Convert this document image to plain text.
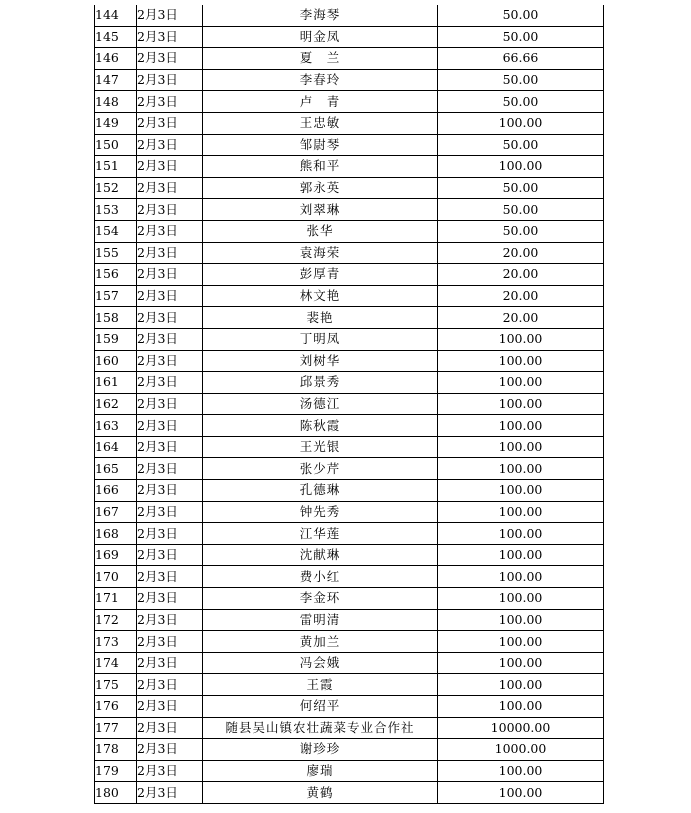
144	2月3日	李海琴	50.00
145	2月3日	明金凤	50.00
146	2月3日	夏　兰	66.66
147	2月3日	李春玲	50.00
148	2月3日	卢　青	50.00
149	2月3日	王忠敏	100.00
150	2月3日	邹尉琴	50.00
151	2月3日	熊和平	100.00
152	2月3日	郭永英	50.00
153	2月3日	刘翠琳	50.00
154	2月3日	张华	50.00
155	2月3日	袁海荣	20.00
156	2月3日	彭厚青	20.00
157	2月3日	林文艳	20.00
158	2月3日	裴艳	20.00
159	2月3日	丁明凤	100.00
160	2月3日	刘树华	100.00
161	2月3日	邱景秀	100.00
162	2月3日	汤德江	100.00
163	2月3日	陈秋霞	100.00
164	2月3日	王光银	100.00
165	2月3日	张少芹	100.00
166	2月3日	孔德琳	100.00
167	2月3日	钟先秀	100.00
168	2月3日	江华莲	100.00
169	2月3日	沈献琳	100.00
170	2月3日	费小红	100.00
171	2月3日	李金环	100.00
172	2月3日	雷明清	100.00
173	2月3日	黄加兰	100.00
174	2月3日	冯会娥	100.00
175	2月3日	王霞	100.00
176	2月3日	何绍平	100.00
177	2月3日	随县吴山镇农壮蔬菜专业合作社	10000.00
178	2月3日	谢珍珍	1000.00
179	2月3日	廖瑞	100.00
180	2月3日	黄鹤	100.00
